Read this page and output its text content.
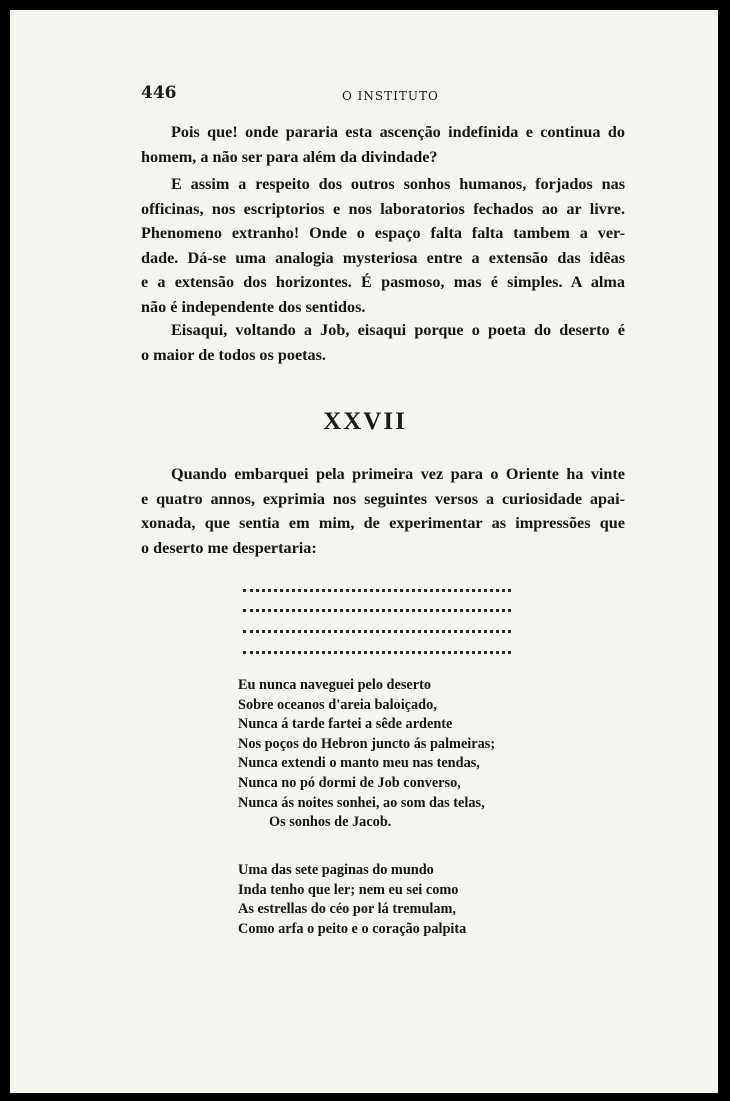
446	O INSTITUTO
Pois que! onde pararia esta ascenção indefinida e continua do
homem, a não ser para além da divindade?
E assim a respeito dos outros sonhos humanos, forjados nas
officinas, nos escriptorios e nos laboratorios fechados ao ar livre.
Phenomeno extranho! Onde o espaço falta falta tambem a ver-
dade. Dá-se uma analogia mysteriosa entre a extensão das idêas
e a extensão dos horizontes. É pasmoso, mas é simples. A alma
não é independente dos sentidos.
Eisaqui, voltando a Job, eisaqui porque o poeta do deserto é
o maior de todos os poetas.
XXVII
Quando embarquei pela primeira vez para o Oriente ha vinte
e quatro annos, exprimia nos seguintes versos a curiosidade apai-
xonada, que sentia em mim, de experimentar as impressões que
o deserto me despertaria:
Eu nunca naveguei pelo deserto
Sobre oceanos d'areia baloiçado,
Nunca á tarde fartei a sêde ardente
Nos poços do Hebron juncto ás palmeiras;
Nunca extendi o manto meu nas tendas,
Nunca no pó dormi de Job converso,
Nunca ás noites sonhei, ao som das telas,
Os sonhos de Jacob.
Uma das sete paginas do mundo
Inda tenho que ler; nem eu sei como
As estrellas do céo por lá tremulam,
Como arfa o peito e o coração palpita
